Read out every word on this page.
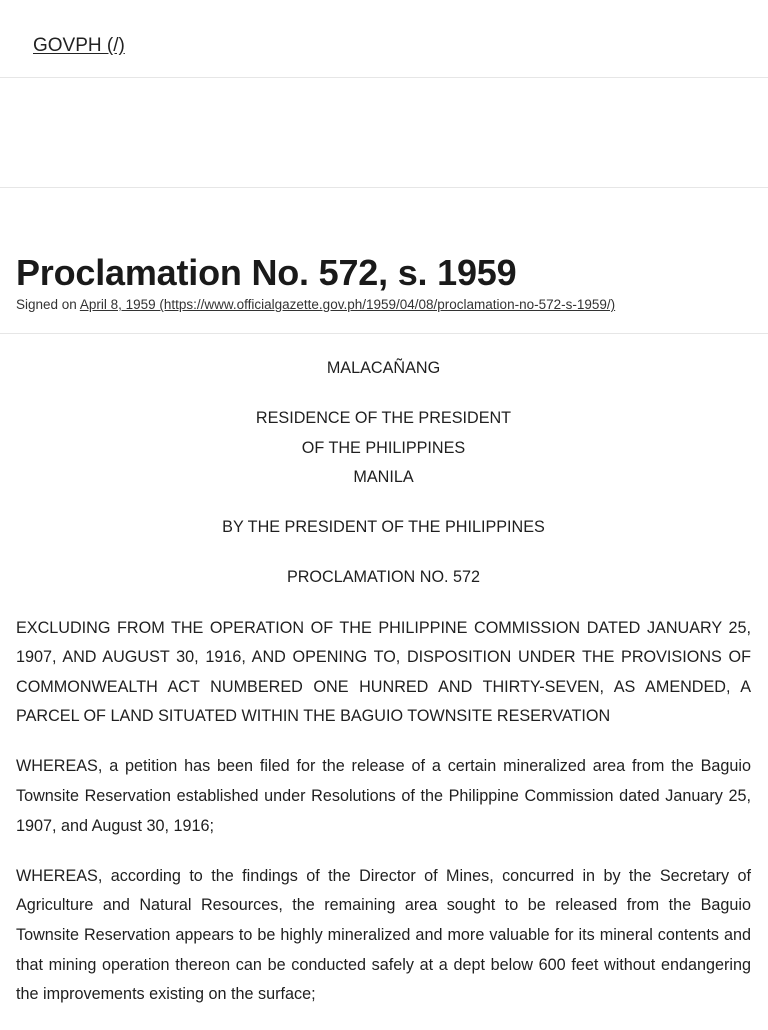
GOVPH (/)
Proclamation No. 572, s. 1959
Signed on April 8, 1959 (https://www.officialgazette.gov.ph/1959/04/08/proclamation-no-572-s-1959/)

MALACAÑANG

RESIDENCE OF THE PRESIDENT
OF THE PHILIPPINES
MANILA

BY THE PRESIDENT OF THE PHILIPPINES

PROCLAMATION NO. 572

EXCLUDING FROM THE OPERATION OF THE PHILIPPINE COMMISSION DATED JANUARY 25, 1907, AND AUGUST 30, 1916, AND OPENING TO, DISPOSITION UNDER THE PROVISIONS OF COMMONWEALTH ACT NUMBERED ONE HUNRED AND THIRTY-SEVEN, AS AMENDED, A PARCEL OF LAND SITUATED WITHIN THE BAGUIO TOWNSITE RESERVATION

WHEREAS, a petition has been filed for the release of a certain mineralized area from the Baguio Townsite Reservation established under Resolutions of the Philippine Commission dated January 25, 1907, and August 30, 1916;

WHEREAS, according to the findings of the Director of Mines, concurred in by the Secretary of Agriculture and Natural Resources, the remaining area sought to be released from the Baguio Townsite Reservation appears to be highly mineralized and more valuable for its mineral contents and that mining operation thereon can be conducted safely at a dept below 600 feet without endangering the improvements existing on the surface;
